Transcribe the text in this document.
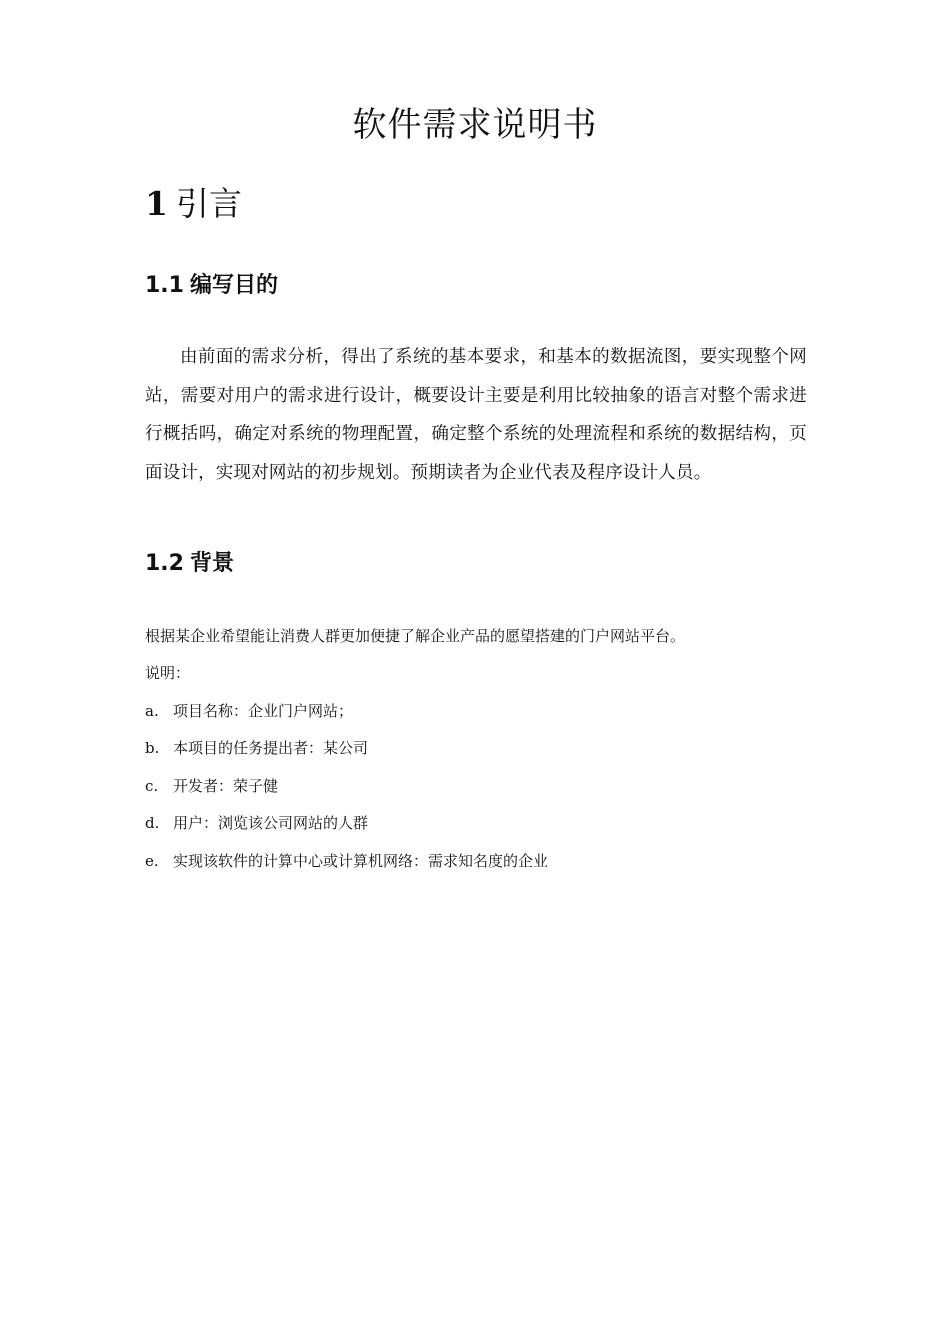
软件需求说明书
1 引言
1.1 编写目的

由前面的需求分析，得出了系统的基本要求，和基本的数据流图，要实现整个网站，需要对用户的需求进行设计，概要设计主要是利用比较抽象的语言对整个需求进行概括吗，确定对系统的物理配置，确定整个系统的处理流程和系统的数据结构，页面设计，实现对网站的初步规划。预期读者为企业代表及程序设计人员。

1.2 背景
根据某企业希望能让消费人群更加便捷了解企业产品的愿望搭建的门户网站平台。
说明：
a. 项目名称：企业门户网站；
b. 本项目的任务提出者：某公司
c. 开发者：荣子健
d. 用户：浏览该公司网站的人群
e. 实现该软件的计算中心或计算机网络：需求知名度的企业
